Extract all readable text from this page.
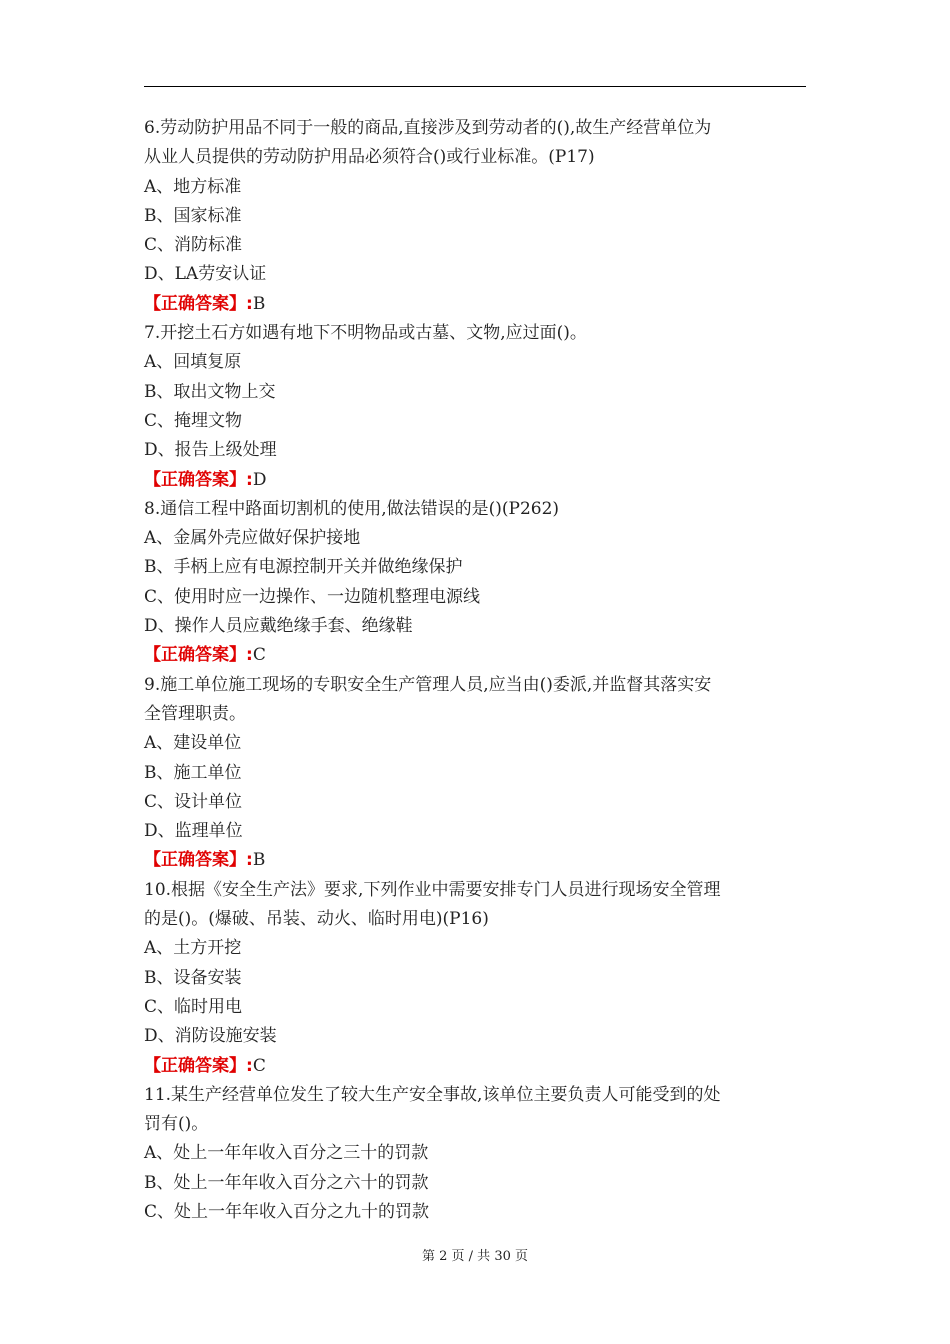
6.劳动防护用品不同于一般的商品,直接涉及到劳动者的(),故生产经营单位为
从业人员提供的劳动防护用品必须符合()或行业标准。(P17)
A、地方标准
B、国家标准
C、消防标准
D、LA劳安认证
【正确答案】:B
7.开挖土石方如遇有地下不明物品或古墓、文物,应过面()。
A、回填复原
B、取出文物上交
C、掩埋文物
D、报告上级处理
【正确答案】:D
8.通信工程中路面切割机的使用,做法错误的是()(P262)
A、金属外壳应做好保护接地
B、手柄上应有电源控制开关并做绝缘保护
C、使用时应一边操作、一边随机整理电源线
D、操作人员应戴绝缘手套、绝缘鞋
【正确答案】:C
9.施工单位施工现场的专职安全生产管理人员,应当由()委派,并监督其落实安
全管理职责。
A、建设单位
B、施工单位
C、设计单位
D、监理单位
【正确答案】:B
10.根据《安全生产法》要求,下列作业中需要安排专门人员进行现场安全管理
的是()。(爆破、吊装、动火、临时用电)(P16)
A、土方开挖
B、设备安装
C、临时用电
D、消防设施安装
【正确答案】:C
11.某生产经营单位发生了较大生产安全事故,该单位主要负责人可能受到的处
罚有()。
A、处上一年年收入百分之三十的罚款
B、处上一年年收入百分之六十的罚款
C、处上一年年收入百分之九十的罚款
第 2 页 / 共 30 页
